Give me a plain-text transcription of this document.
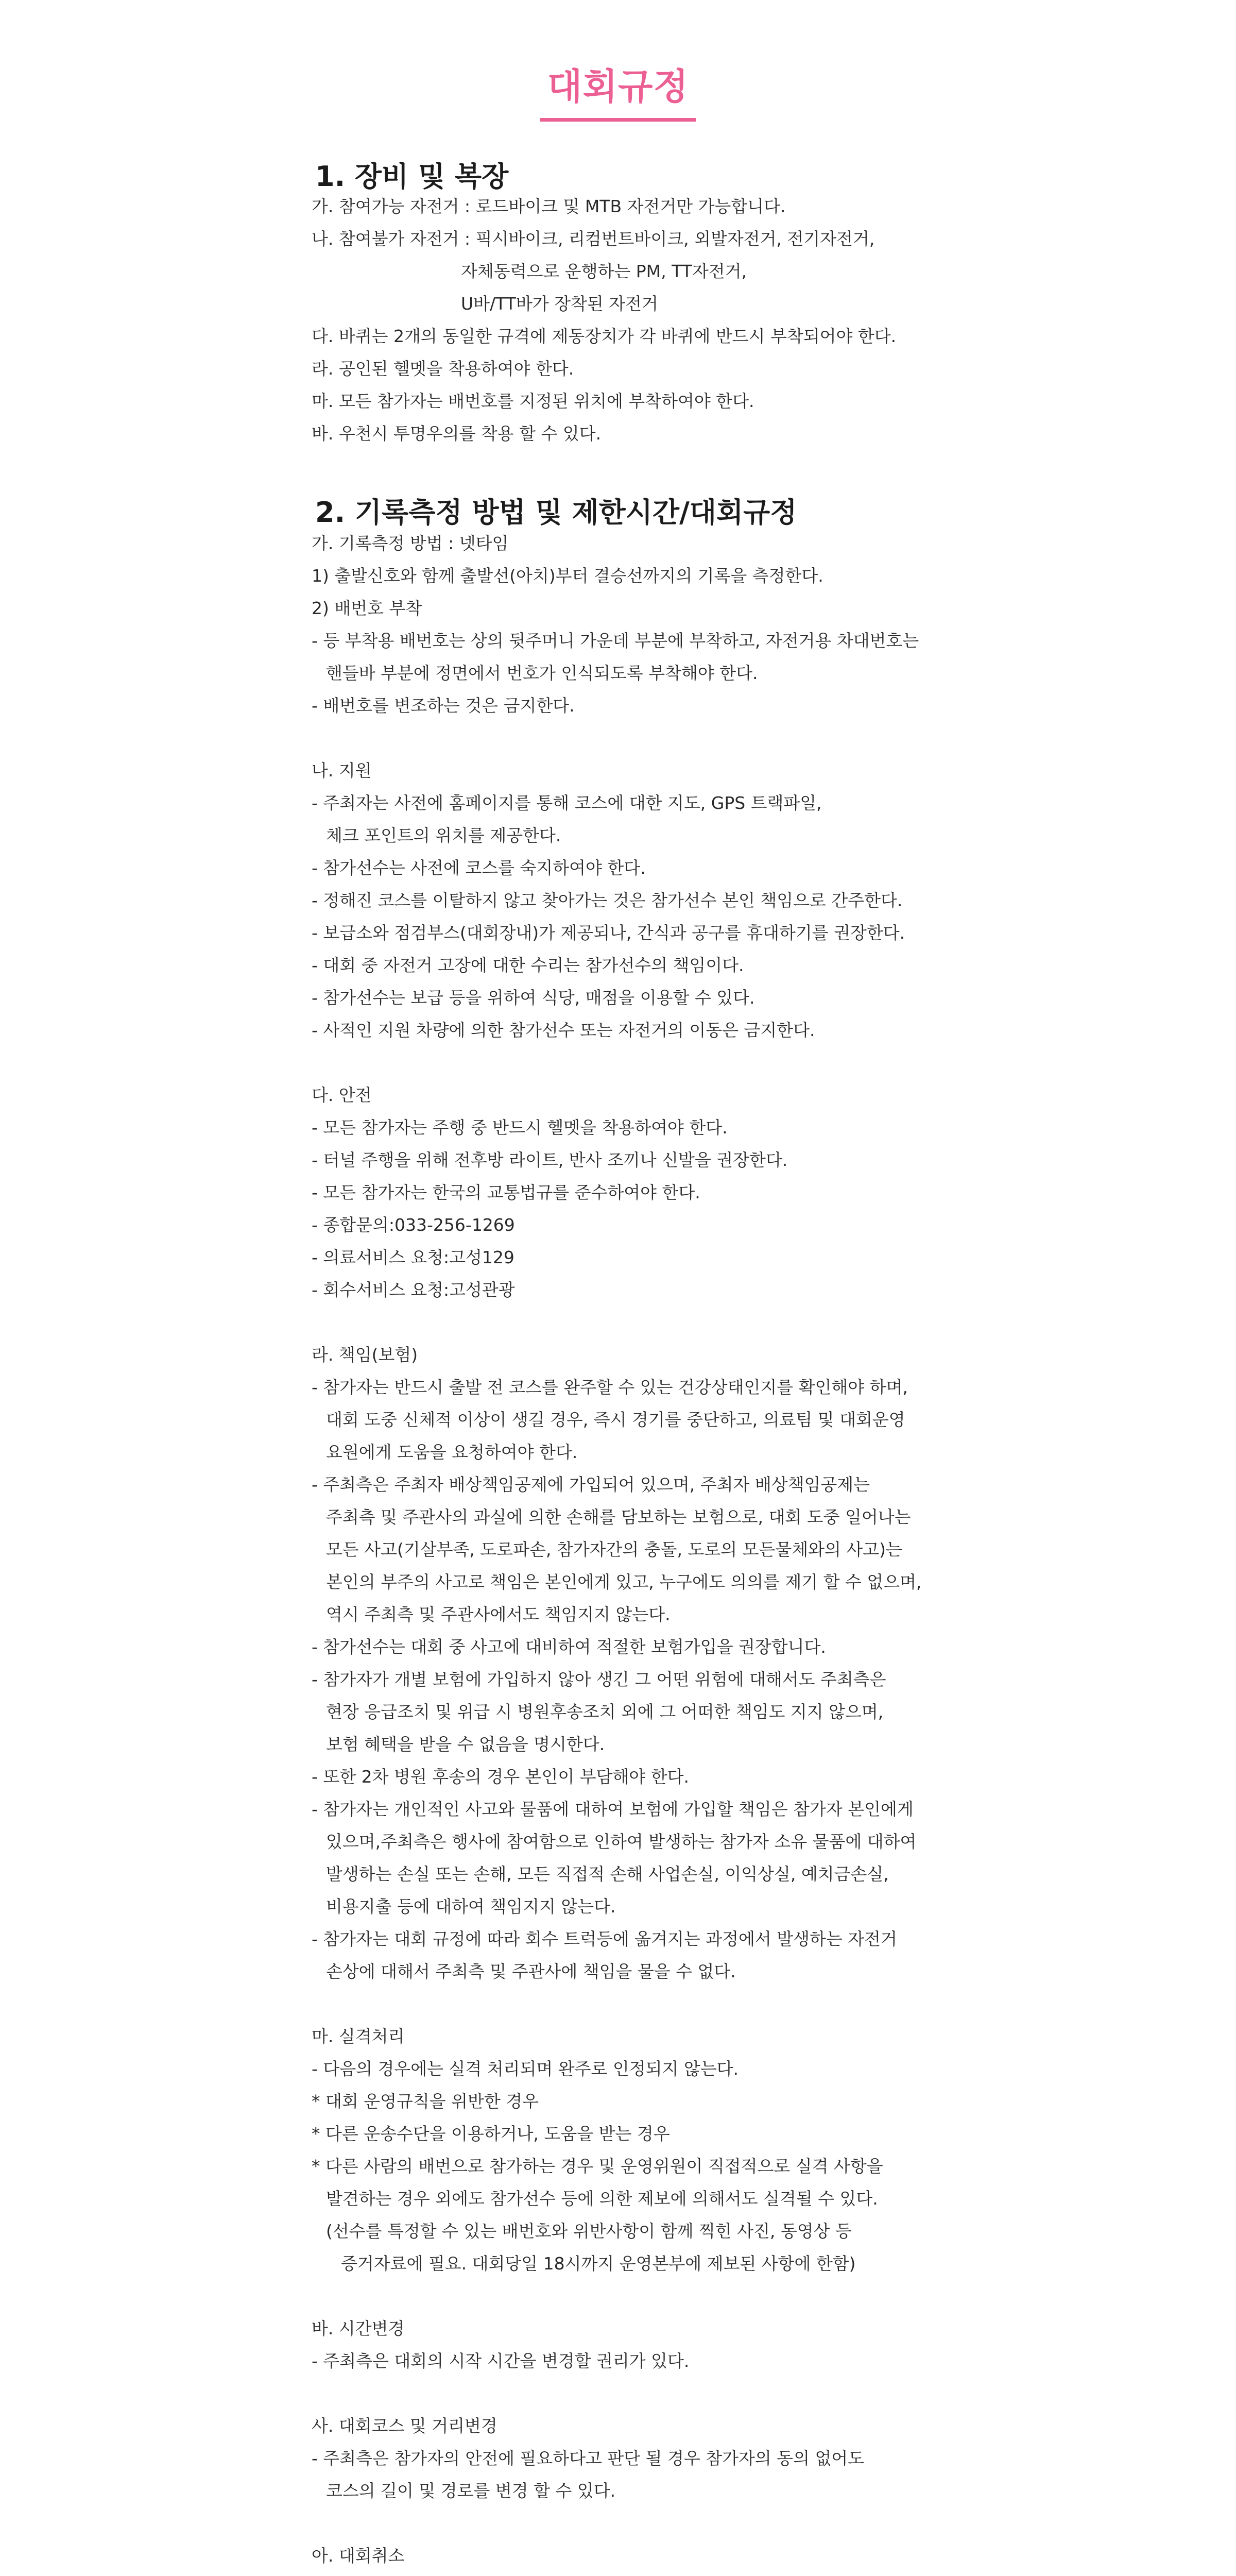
대회규정
1. 장비 및 복장
가. 참여가능 자전거 : 로드바이크 및 MTB 자전거만 가능합니다.
나. 참여불가 자전거 : 픽시바이크, 리컴번트바이크, 외발자전거, 전기자전거,
자체동력으로 운행하는 PM, TT자전거,
U바/TT바가 장착된 자전거
다. 바퀴는 2개의 동일한 규격에 제동장치가 각 바퀴에 반드시 부착되어야 한다.
라. 공인된 헬멧을 착용하여야 한다.
마. 모든 참가자는 배번호를 지정된 위치에 부착하여야 한다.
바. 우천시 투명우의를 착용 할 수 있다.
2. 기록측정 방법 및 제한시간/대회규정
가. 기록측정 방법 : 넷타임
1) 출발신호와 함께 출발선(아치)부터 결승선까지의 기록을 측정한다.
2) 배번호 부착
- 등 부착용 배번호는 상의 뒷주머니 가운데 부분에 부착하고, 자전거용 차대번호는
핸들바 부분에 정면에서 번호가 인식되도록 부착해야 한다.
- 배번호를 변조하는 것은 금지한다.
나. 지원
- 주최자는 사전에 홈페이지를 통해 코스에 대한 지도, GPS 트랙파일,
체크 포인트의 위치를 제공한다.
- 참가선수는 사전에 코스를 숙지하여야 한다.
- 정해진 코스를 이탈하지 않고 찾아가는 것은 참가선수 본인 책임으로 간주한다.
- 보급소와 점검부스(대회장내)가 제공되나, 간식과 공구를 휴대하기를 권장한다.
- 대회 중 자전거 고장에 대한 수리는 참가선수의 책임이다.
- 참가선수는 보급 등을 위하여 식당, 매점을 이용할 수 있다.
- 사적인 지원 차량에 의한 참가선수 또는 자전거의 이동은 금지한다.
다. 안전
- 모든 참가자는 주행 중 반드시 헬멧을 착용하여야 한다.
- 터널 주행을 위해 전후방 라이트, 반사 조끼나 신발을 권장한다.
- 모든 참가자는 한국의 교통법규를 준수하여야 한다.
- 종합문의:033-256-1269
- 의료서비스 요청:고성129
- 회수서비스 요청:고성관광
라. 책임(보험)
- 참가자는 반드시 출발 전 코스를 완주할 수 있는 건강상태인지를 확인해야 하며,
대회 도중 신체적 이상이 생길 경우, 즉시 경기를 중단하고, 의료팀 및 대회운영
요원에게 도움을 요청하여야 한다.
- 주최측은 주최자 배상책임공제에 가입되어 있으며, 주최자 배상책임공제는
주최측 및 주관사의 과실에 의한 손해를 담보하는 보험으로, 대회 도중 일어나는
모든 사고(기살부족, 도로파손, 참가자간의 충돌, 도로의 모든물체와의 사고)는
본인의 부주의 사고로 책임은 본인에게 있고, 누구에도 의의를 제기 할 수 없으며,
역시 주최측 및 주관사에서도 책임지지 않는다.
- 참가선수는 대회 중 사고에 대비하여 적절한 보험가입을 권장합니다.
- 참가자가 개별 보험에 가입하지 않아 생긴 그 어떤 위험에 대해서도 주최측은
현장 응급조치 및 위급 시 병원후송조치 외에 그 어떠한 책임도 지지 않으며,
보험 혜택을 받을 수 없음을 명시한다.
- 또한 2차 병원 후송의 경우 본인이 부담해야 한다.
- 참가자는 개인적인 사고와 물품에 대하여 보험에 가입할 책임은 참가자 본인에게
있으며,주최측은 행사에 참여함으로 인하여 발생하는 참가자 소유 물품에 대하여
발생하는 손실 또는 손해, 모든 직접적 손해 사업손실, 이익상실, 예치금손실,
비용지출 등에 대하여 책임지지 않는다.
- 참가자는 대회 규정에 따라 회수 트럭등에 옮겨지는 과정에서 발생하는 자전거
손상에 대해서 주최측 및 주관사에 책임을 물을 수 없다.
마. 실격처리
- 다음의 경우에는 실격 처리되며 완주로 인정되지 않는다.
* 대회 운영규칙을 위반한 경우
* 다른 운송수단을 이용하거나, 도움을 받는 경우
* 다른 사람의 배번으로 참가하는 경우 및 운영위원이 직접적으로 실격 사항을
발견하는 경우 외에도 참가선수 등에 의한 제보에 의해서도 실격될 수 있다.
(선수를 특정할 수 있는 배번호와 위반사항이 함께 찍힌 사진, 동영상 등
증거자료에 필요. 대회당일 18시까지 운영본부에 제보된 사항에 한함)
바. 시간변경
- 주최측은 대회의 시작 시간을 변경할 권리가 있다.
사. 대회코스 및 거리변경
- 주최측은 참가자의 안전에 필요하다고 판단 될 경우 참가자의 동의 없어도
코스의 길이 및 경로를 변경 할 수 있다.
아. 대회취소
